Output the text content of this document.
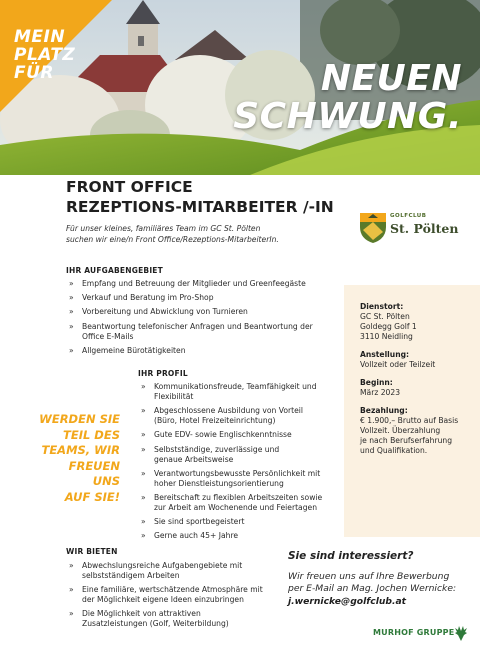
MEIN
PLATZ
FÜR	NEUEN
SCHWUNG.
FRONT OFFICE
REZEPTIONS-MITARBEITER /-IN
Für unser kleines, familiäres Team im GC St. Pölten
suchen wir eine/n Front Office/Rezeptions-MitarbeiterIn.
GOLFCLUB
St. Pölten
IHR AUFGABENGEBIET
» Empfang und Betreuung der Mitglieder und Greenfeegäste
» Verkauf und Beratung im Pro-Shop
» Vorbereitung und Abwicklung von Turnieren
» Beantwortung telefonischer Anfragen und Beantwortung der Office E-Mails
» Allgemeine Bürotätigkeiten
IHR PROFIL
» Kommunikationsfreude, Teamfähigkeit und Flexibilität
» Abgeschlossene Ausbildung von Vorteil (Büro, Hotel Freizeiteinrichtung)
» Gute EDV- sowie Englischkenntnisse
» Selbstständige, zuverlässige und genaue Arbeitsweise
» Verantwortungsbewusste Persönlichkeit mit hoher Dienstleistungsorientierung
» Bereitschaft zu flexiblen Arbeitszeiten sowie zur Arbeit am Wochenende und Feiertagen
» Sie sind sportbegeistert
» Gerne auch 45+ Jahre
WERDEN SIE
TEIL DES
TEAMS, WIR
FREUEN UNS
AUF SIE!
Dienstort:
GC St. Pölten
Goldegg Golf 1
3110 Neidling
Anstellung:
Vollzeit oder Teilzeit
Beginn:
März 2023
Bezahlung:
€ 1.900,– Brutto auf Basis
Vollzeit. Überzahlung
je nach Berufserfahrung
und Qualifikation.
WIR BIETEN
» Abwechslungsreiche Aufgabengebiete mit selbstständigem Arbeiten
» Eine familiäre, wertschätzende Atmosphäre mit der Möglichkeit eigene Ideen einzubringen
» Die Möglichkeit von attraktiven Zusatzleistungen (Golf, Weiterbildung)
Sie sind interessiert?
Wir freuen uns auf Ihre Bewerbung
per E-Mail an Mag. Jochen Wernicke:
j.wernicke@golfclub.at
MURHOF GRUPPE
